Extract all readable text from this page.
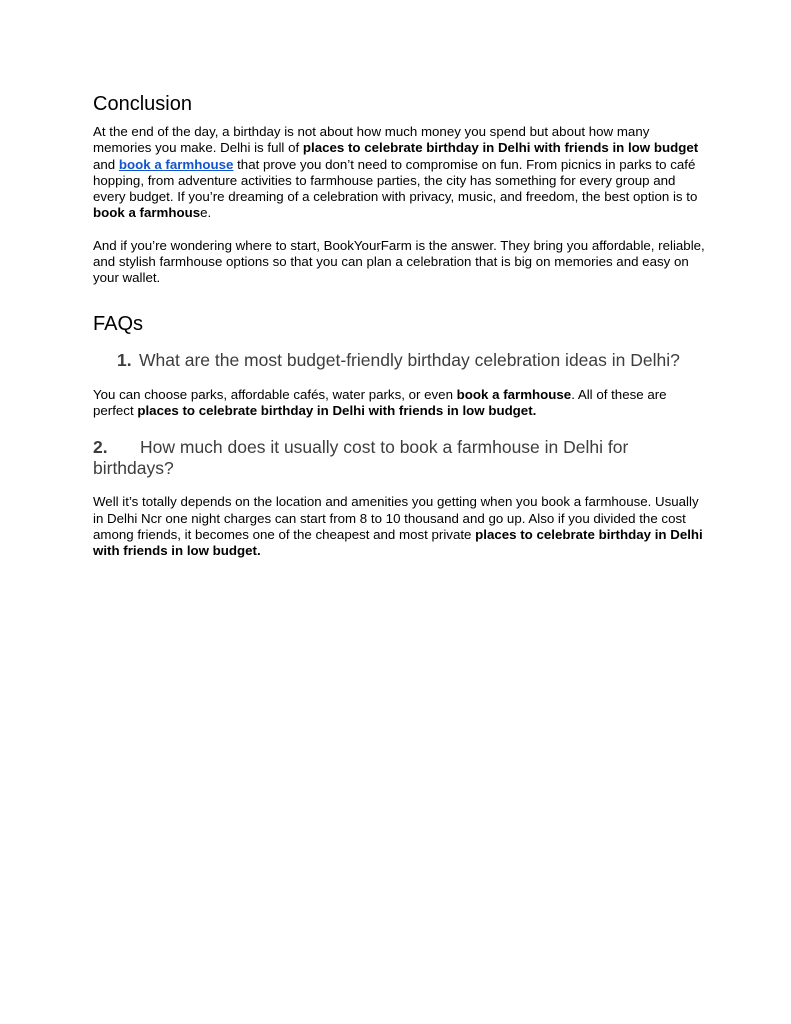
Conclusion

At the end of the day, a birthday is not about how much money you spend but about how many memories you make. Delhi is full of places to celebrate birthday in Delhi with friends in low budget and book a farmhouse that prove you don’t need to compromise on fun. From picnics in parks to café hopping, from adventure activities to farmhouse parties, the city has something for every group and every budget. If you’re dreaming of a celebration with privacy, music, and freedom, the best option is to book a farmhouse.

And if you’re wondering where to start, BookYourFarm is the answer. They bring you affordable, reliable, and stylish farmhouse options so that you can plan a celebration that is big on memories and easy on your wallet.

FAQs
1. What are the most budget-friendly birthday celebration ideas in Delhi?

You can choose parks, affordable cafés, water parks, or even book a farmhouse. All of these are perfect places to celebrate birthday in Delhi with friends in low budget.

2. How much does it usually cost to book a farmhouse in Delhi for birthdays?

Well it’s totally depends on the location and amenities you getting when you book a farmhouse. Usually in Delhi Ncr one night charges can start from 8 to 10 thousand and go up. Also if you divided the cost among friends, it becomes one of the cheapest and most private places to celebrate birthday in Delhi with friends in low budget.
